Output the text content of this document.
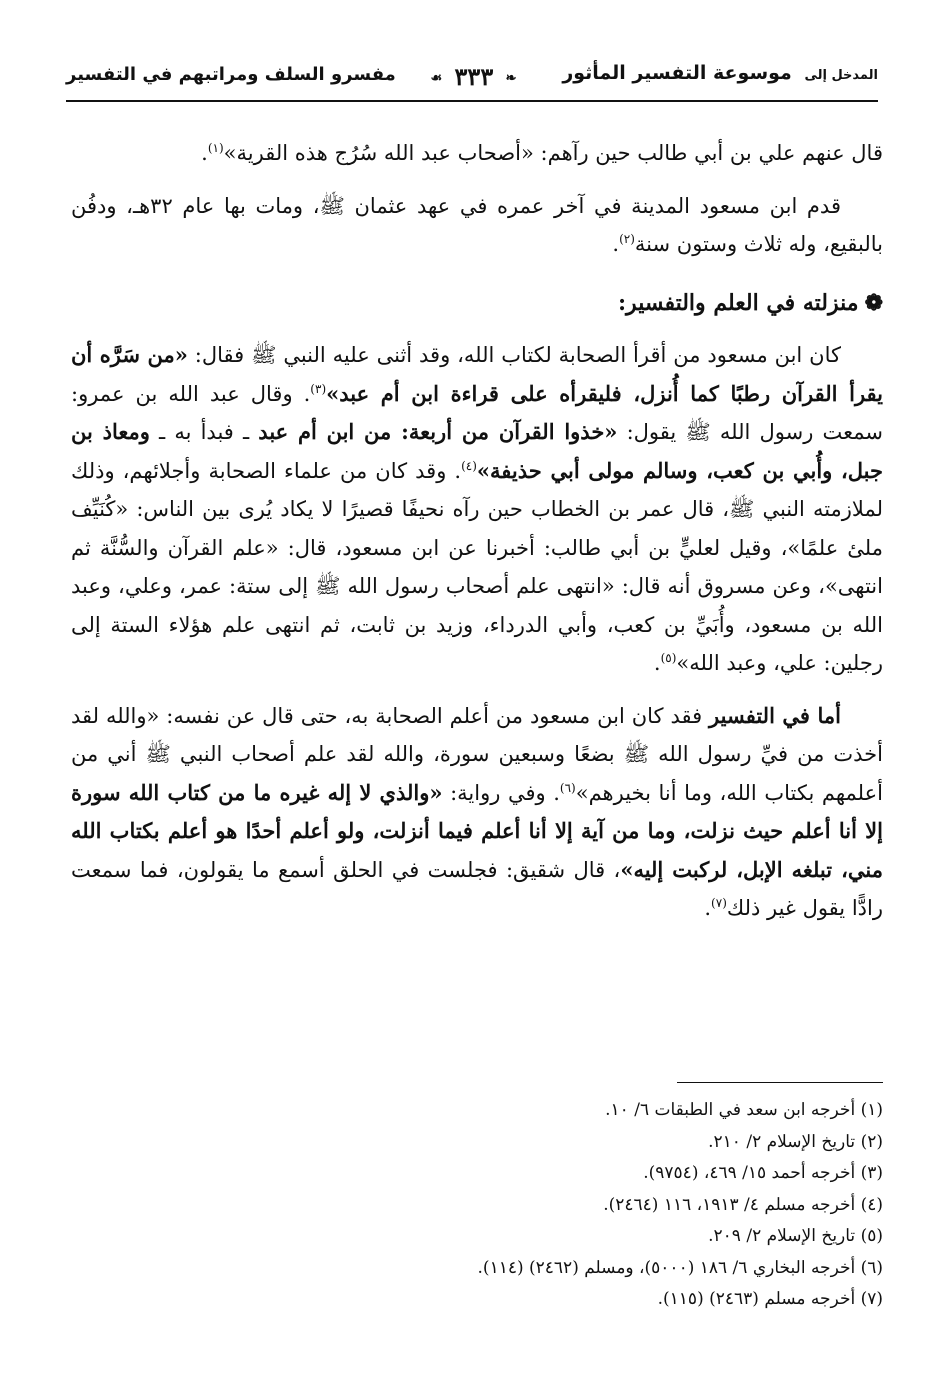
المدخل إلى موسوعة التفسير المأثور
❧ ٣٣٣ ☙
مفسرو السلف ومراتبهم في التفسير

قال عنهم علي بن أبي طالب حين رآهم: «أصحاب عبد الله سُرُج هذه القرية»$^{(١)}$.

قدم ابن مسعود المدينة في آخر عمره في عهد عثمان ﷺ، ومات بها عام ٣٢هـ، ودفُن بالبقيع، وله ثلاث وستون سنة$^{(٢)}$.

❁منزلته في العلم والتفسير:

كان ابن مسعود من أقرأ الصحابة لكتاب الله، وقد أثنى عليه النبي ﷺ فقال: «من سَرَّه أن يقرأ القرآن رطبًا كما أُنزل، فليقرأه على قراءة ابن أم عبد»$^{(٣)}$. وقال عبد الله بن عمرو: سمعت رسول الله ﷺ يقول: «خذوا القرآن من أربعة: من ابن أم عبد ـ فبدأ به ـ ومعاذ بن جبل، وأُبي بن كعب، وسالم مولى أبي حذيفة»$^{(٤)}$. وقد كان من علماء الصحابة وأجلائهم، وذلك لملازمته النبي ﷺ، قال عمر بن الخطاب حين رآه نحيفًا قصيرًا لا يكاد يُرى بين الناس: «كُنَيِّف ملئ علمًا»، وقيل لعليٍّ بن أبي طالب: أخبرنا عن ابن مسعود، قال: «علم القرآن والسُّنَّة ثم انتهى»، وعن مسروق أنه قال: «انتهى علم أصحاب رسول الله ﷺ إلى ستة: عمر، وعلي، وعبد الله بن مسعود، وأُبَيِّ بن كعب، وأبي الدرداء، وزيد بن ثابت، ثم انتهى علم هؤلاء الستة إلى رجلين: علي، وعبد الله»$^{(٥)}$.

أما في التفسير فقد كان ابن مسعود من أعلم الصحابة به، حتى قال عن نفسه: «والله لقد أخذت من فيِّ رسول الله ﷺ بضعًا وسبعين سورة، والله لقد علم أصحاب النبي ﷺ أني من أعلمهم بكتاب الله، وما أنا بخيرهم»$^{(٦)}$. وفي رواية: «والذي لا إله غيره ما من كتاب الله سورة إلا أنا أعلم حيث نزلت، وما من آية إلا أنا أعلم فيما أنزلت، ولو أعلم أحدًا هو أعلم بكتاب الله مني، تبلغه الإبل، لركبت إليه»، قال شقيق: فجلست في الحلق أسمع ما يقولون، فما سمعت رادًّا يقول غير ذلك$^{(٧)}$.

(١) أخرجه ابن سعد في الطبقات ٦/ ١٠.
(٢) تاريخ الإسلام ٢/ ٢١٠.
(٣) أخرجه أحمد ١٥/ ٤٦٩، (٩٧٥٤).
(٤) أخرجه مسلم ٤/ ١٩١٣، ١١٦ (٢٤٦٤).
(٥) تاريخ الإسلام ٢/ ٢٠٩.
(٦) أخرجه البخاري ٦/ ١٨٦ (٥٠٠٠)، ومسلم (٢٤٦٢) (١١٤).
(٧) أخرجه مسلم (٢٤٦٣) (١١٥).
